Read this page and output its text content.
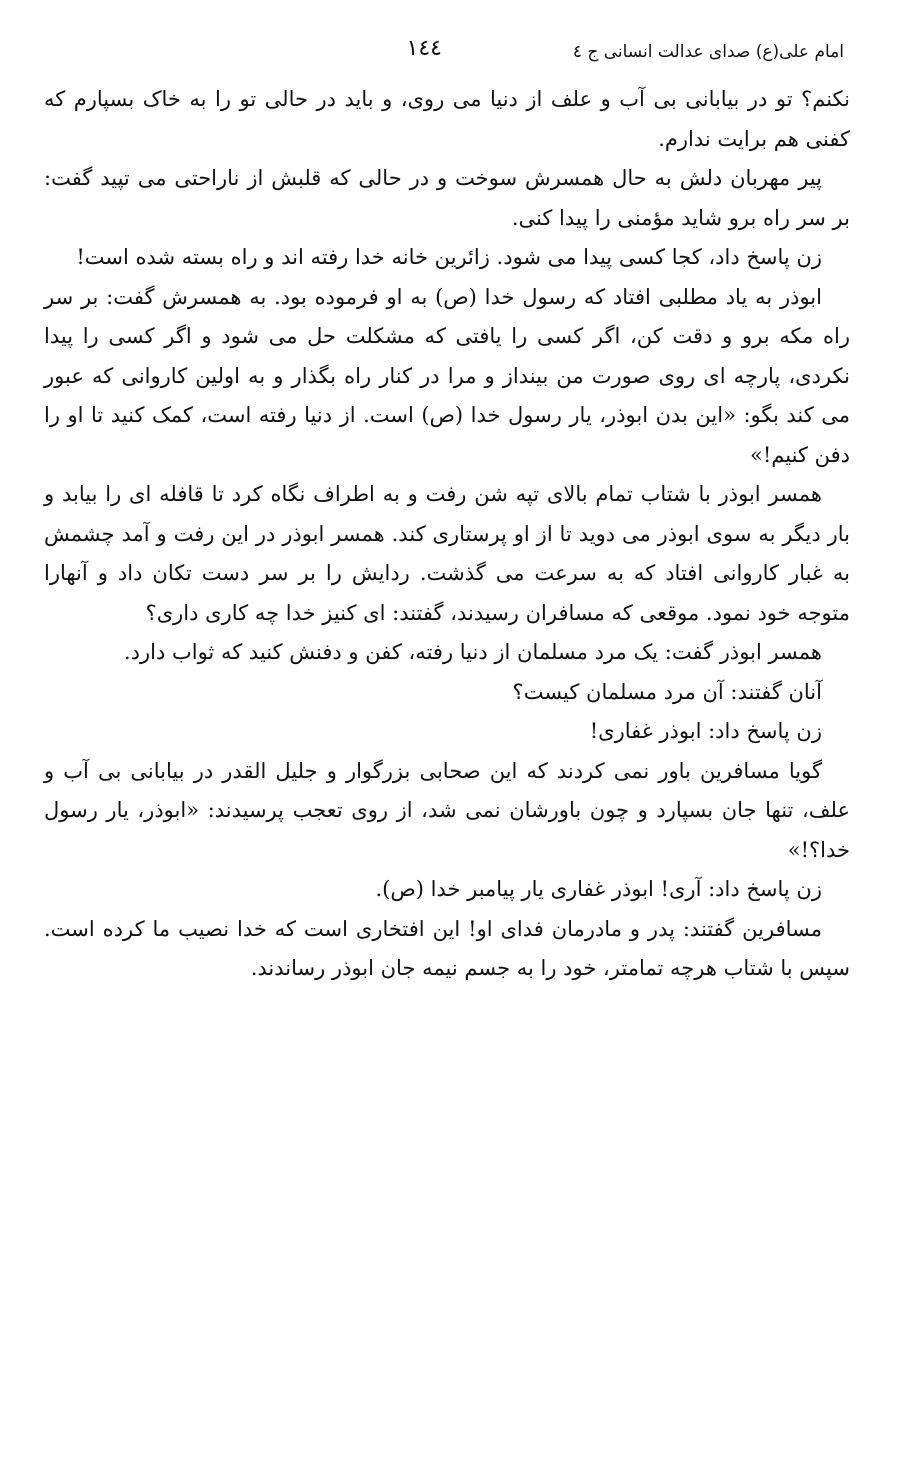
امام علی(ع) صدای عدالت انسانی ج ٤
١٤٤

نکنم؟ تو در بیابانی بی آب و علف از دنیا می روی، و باید در حالی تو را به خاک بسپارم که کفنی هم برایت ندارم.

پیر مهربان دلش به حال همسرش سوخت و در حالی که قلبش از ناراحتی می تپید گفت: بر سر راه برو شاید مؤمنی را پیدا کنی.

زن پاسخ داد، کجا کسی پیدا می شود. زائرین خانه خدا رفته اند و راه بسته شده است!

ابوذر به یاد مطلبی افتاد که رسول خدا (ص) به او فرموده بود. به همسرش گفت: بر سر راه مکه برو و دقت کن، اگر کسی را یافتی که مشکلت حل می شود و اگر کسی را پیدا نکردی، پارچه ای روی صورت من بینداز و مرا در کنار راه بگذار و به اولین کاروانی که عبور می کند بگو: «این بدن ابوذر، یار رسول خدا (ص) است. از دنیا رفته است، کمک کنید تا او را دفن کنیم!»

همسر ابوذر با شتاب تمام بالای تپه شن رفت و به اطراف نگاه کرد تا قافله ای را بیابد و بار دیگر به سوی ابوذر می دوید تا از او پرستاری کند. همسر ابوذر در این رفت و آمد چشمش به غبار کاروانی افتاد که به سرعت می گذشت. ردایش را بر سر دست تکان داد و آنهارا متوجه خود نمود. موقعی که مسافران رسیدند، گفتند: ای کنیز خدا چه کاری داری؟

همسر ابوذر گفت: یک مرد مسلمان از دنیا رفته، کفن و دفنش کنید که ثواب دارد.

آنان گفتند: آن مرد مسلمان کیست؟

زن پاسخ داد: ابوذر غفاری!

گویا مسافرین باور نمی کردند که این صحابی بزرگوار و جلیل القدر در بیابانی بی آب و علف، تنها جان بسپارد و چون باورشان نمی شد، از روی تعجب پرسیدند: «ابوذر، یار رسول خدا؟!»

زن پاسخ داد: آری! ابوذر غفاری یار پیامبر خدا (ص).

مسافرین گفتند: پدر و مادرمان فدای او! این افتخاری است که خدا نصیب ما کرده است. سپس با شتاب هرچه تمامتر، خود را به جسم نیمه جان ابوذر رساندند.
